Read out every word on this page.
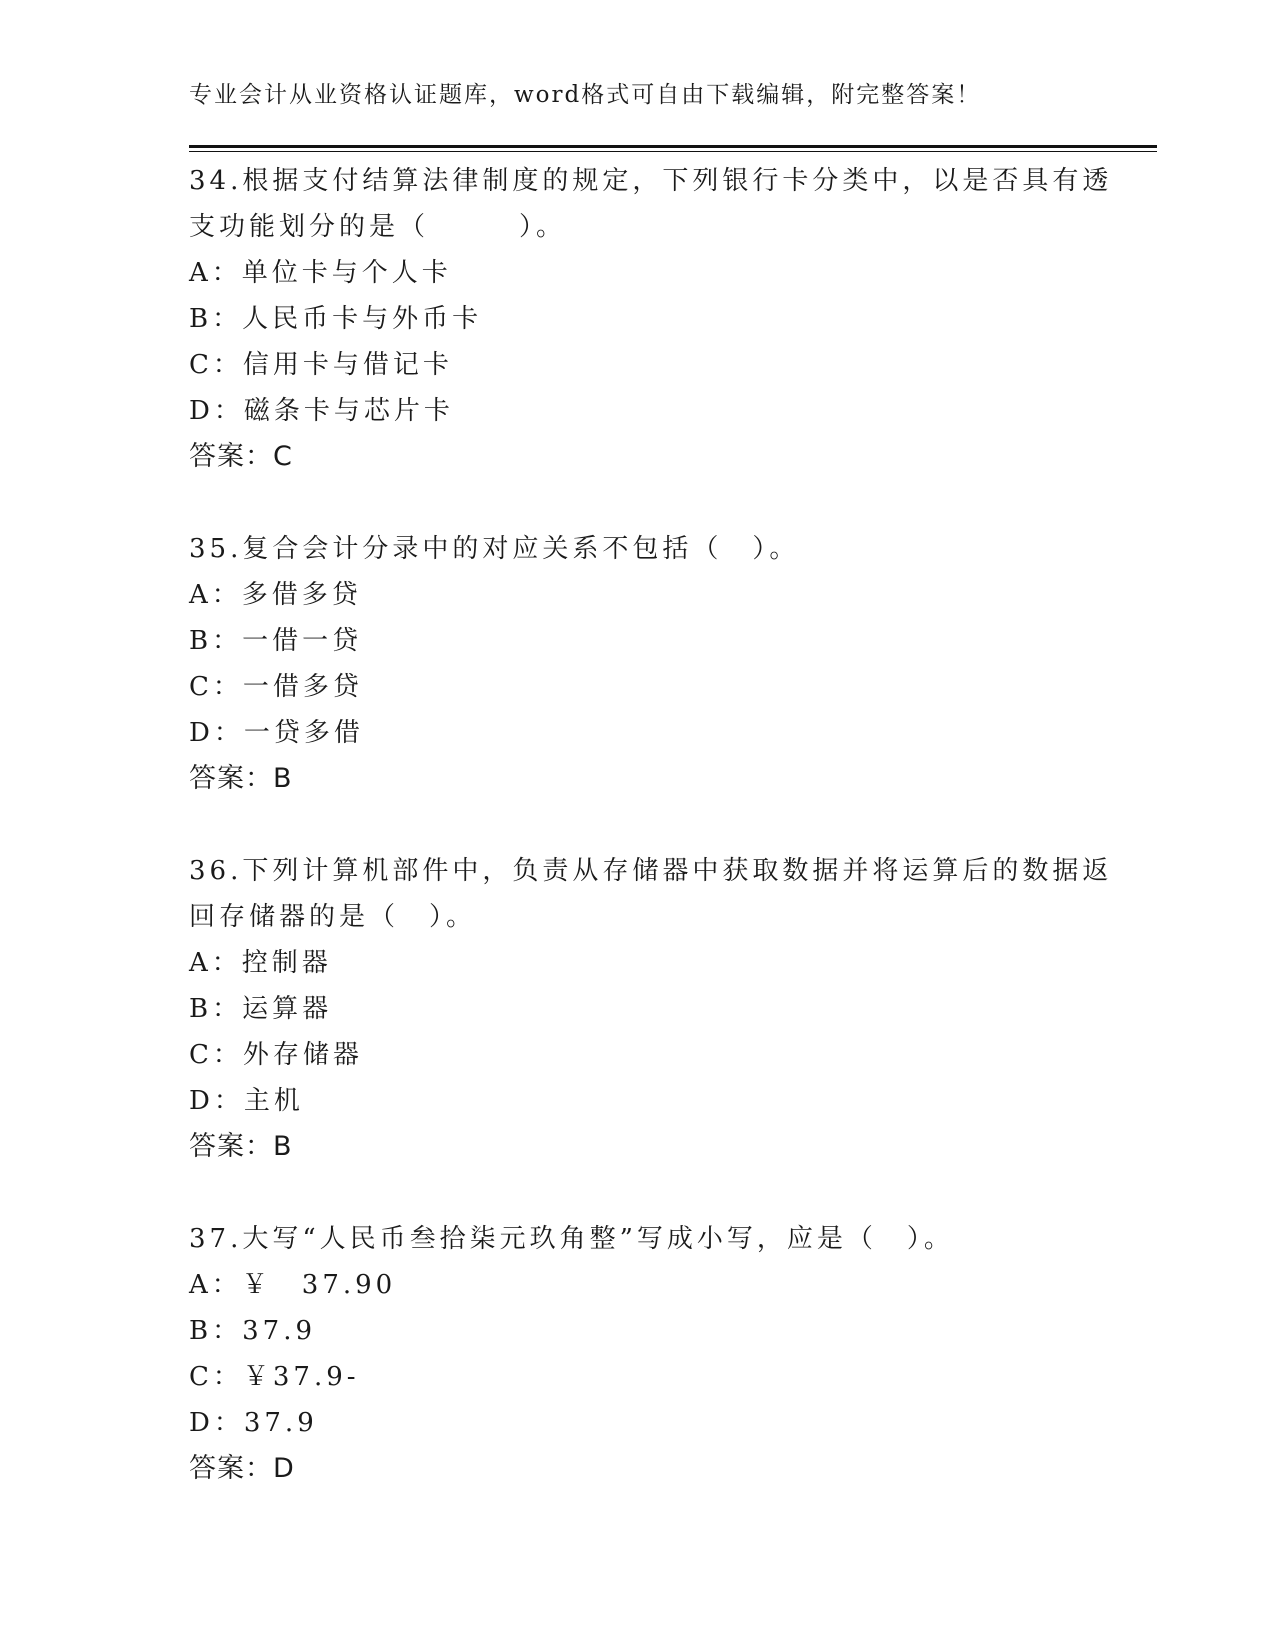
专业会计从业资格认证题库，word格式可自由下载编辑，附完整答案！
34.根据支付结算法律制度的规定，下列银行卡分类中，以是否具有透
支功能划分的是（　　　）。
A：单位卡与个人卡
B：人民币卡与外币卡
C：信用卡与借记卡
D：磁条卡与芯片卡
答案：C
35.复合会计分录中的对应关系不包括（　）。
A：多借多贷
B：一借一贷
C：一借多贷
D：一贷多借
答案：B
36.下列计算机部件中，负责从存储器中获取数据并将运算后的数据返
回存储器的是（　）。
A：控制器
B：运算器
C：外存储器
D：主机
答案：B
37.大写“人民币叁拾柒元玖角整”写成小写，应是（　）。
A：￥　37.90
B：37.9
C：￥37.9-
D：37.9
答案：D
